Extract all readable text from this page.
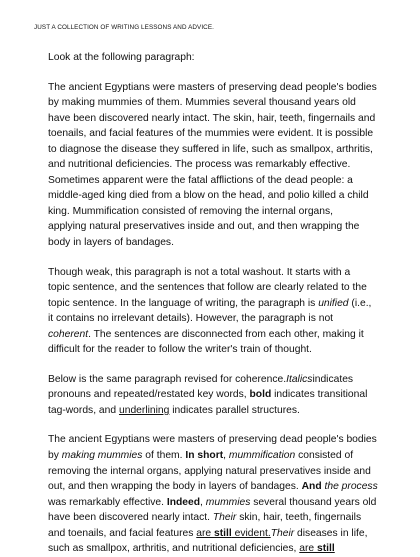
JUST A COLLECTION OF WRITING LESSONS AND ADVICE.
Look at the following paragraph:
The ancient Egyptians were masters of preserving dead people's bodies
by making mummies of them. Mummies several thousand years old
have been discovered nearly intact. The skin, hair, teeth, fingernails and
toenails, and facial features of the mummies were evident. It is possible
to diagnose the disease they suffered in life, such as smallpox, arthritis,
and nutritional deficiencies. The process was remarkably effective.
Sometimes apparent were the fatal afflictions of the dead people: a
middle-aged king died from a blow on the head, and polio killed a child
king. Mummification consisted of removing the internal organs,
applying natural preservatives inside and out, and then wrapping the
body in layers of bandages.
Though weak, this paragraph is not a total washout. It starts with a
topic sentence, and the sentences that follow are clearly related to the
topic sentence. In the language of writing, the paragraph is unified (i.e.,
it contains no irrelevant details). However, the paragraph is not
coherent. The sentences are disconnected from each other, making it
difficult for the reader to follow the writer's train of thought.
Below is the same paragraph revised for coherence.Italicsindicates
pronouns and repeated/restated key words, bold indicates transitional
tag-words, and underlining indicates parallel structures.
The ancient Egyptians were masters of preserving dead people's bodies
by making mummies of them. In short, mummification consisted of
removing the internal organs, applying natural preservatives inside and
out, and then wrapping the body in layers of bandages. And the process
was remarkably effective. Indeed, mummies several thousand years old
have been discovered nearly intact. Their skin, hair, teeth, fingernails
and toenails, and facial features are still evident.Their diseases in life,
such as smallpox, arthritis, and nutritional deficiencies, are still
